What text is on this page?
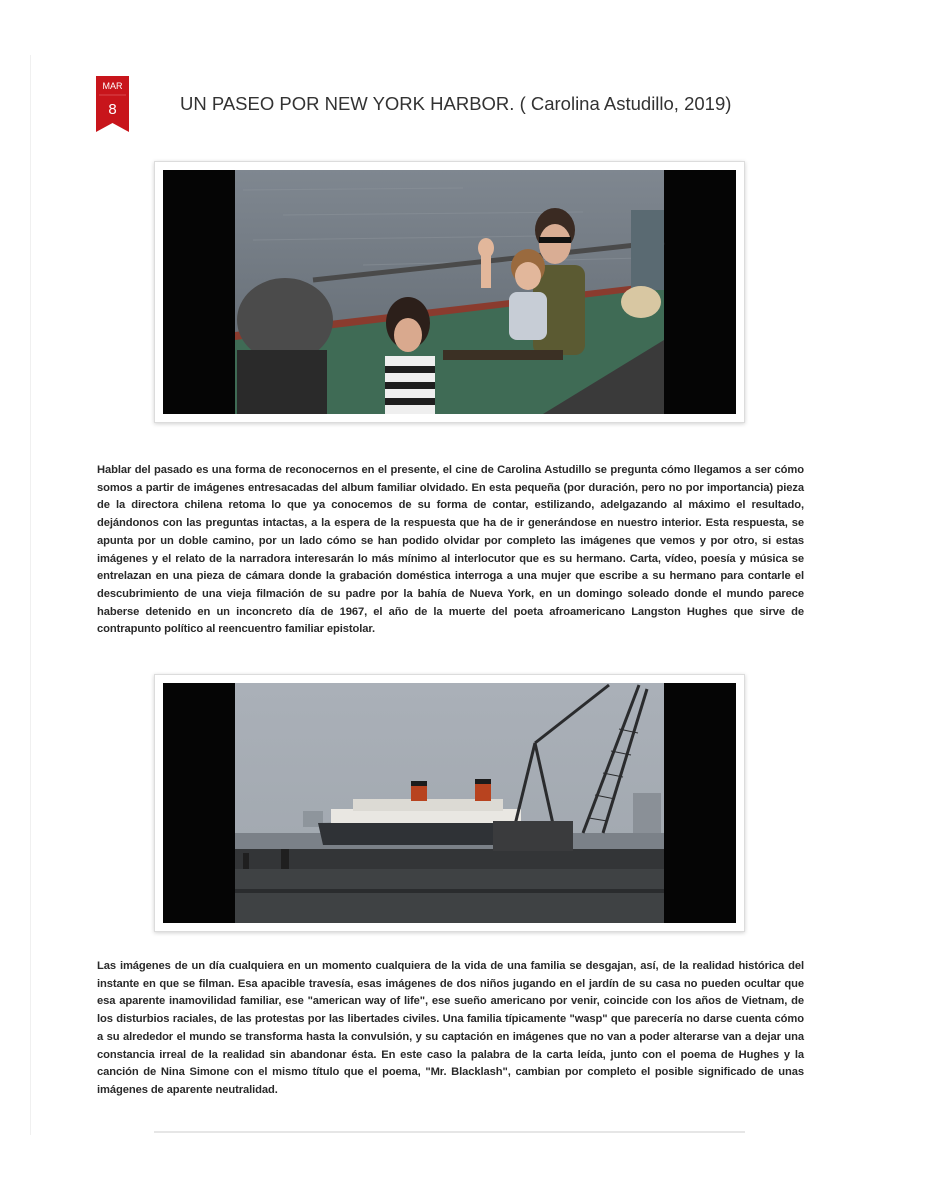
MAR
8	UN PASEO POR NEW YORK HARBOR. ( Carolina Astudillo, 2019)

Hablar del pasado es una forma de reconocernos en el presente, el cine de Carolina Astudillo se pregunta cómo llegamos a ser cómo somos a partir de imágenes entresacadas del album familiar olvidado. En esta pequeña (por duración, pero no por importancia) pieza de la directora chilena retoma lo que ya conocemos de su forma de contar, estilizando, adelgazando al máximo el resultado, dejándonos con las preguntas intactas, a la espera de la respuesta que ha de ir generándose en nuestro interior. Esta respuesta, se apunta por un doble camino, por un lado cómo se han podido olvidar por completo las imágenes que vemos y por otro, si estas imágenes y el relato de la narradora interesarán lo más mínimo al interlocutor que es su hermano. Carta, vídeo, poesía y música se entrelazan en una pieza de cámara donde la grabación doméstica interroga a una mujer que escribe a su hermano para contarle el descubrimiento de una vieja filmación de su padre por la bahía de Nueva York, en un domingo soleado donde el mundo parece haberse detenido en un inconcreto día de 1967, el año de la muerte del poeta afroamericano Langston Hughes que sirve de contrapunto político al reencuentro familiar epistolar.

Las imágenes de un día cualquiera en un momento cualquiera de la vida de una familia se desgajan, así, de la realidad histórica del instante en que se filman. Esa apacible travesía, esas imágenes de dos niños jugando en el jardín de su casa no pueden ocultar que esa aparente inamovilidad familiar, ese "american way of life", ese sueño americano por venir, coincide con los años de Vietnam, de los disturbios raciales, de las protestas por las libertades civiles. Una familia típicamente "wasp" que parecería no darse cuenta cómo a su alrededor el mundo se transforma hasta la convulsión, y su captación en imágenes que no van a poder alterarse van a dejar una constancia irreal de la realidad sin abandonar ésta. En este caso la palabra de la carta leída, junto con el poema de Hughes y la canción de Nina Simone con el mismo título que el poema, "Mr. Blacklash", cambian por completo el posible significado de unas imágenes de aparente neutralidad.
